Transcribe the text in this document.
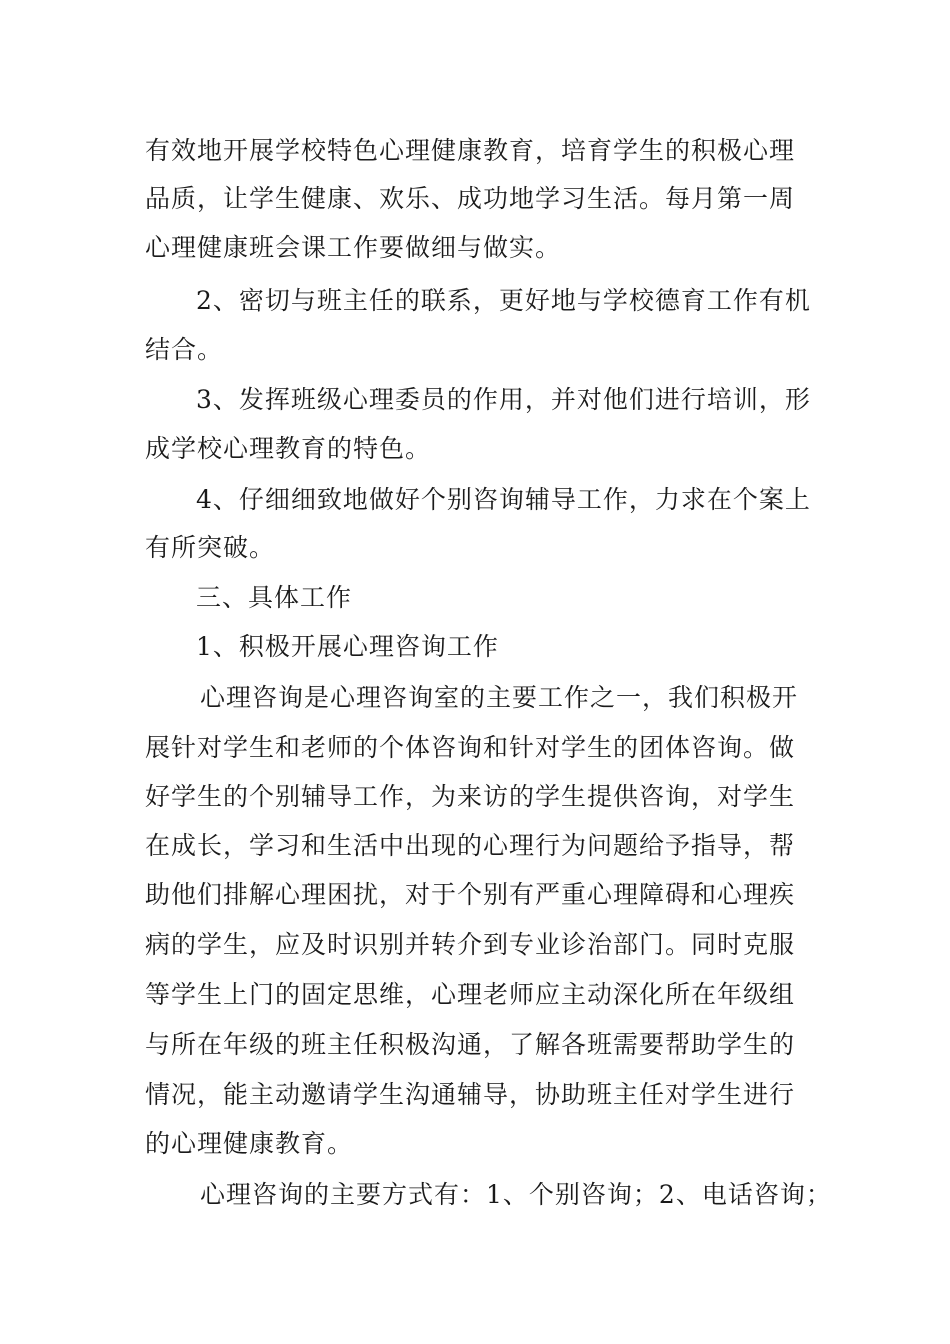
有效地开展学校特色心理健康教育，培育学生的积极心理
品质，让学生健康、欢乐、成功地学习生活。每月第一周
心理健康班会课工作要做细与做实。
2、密切与班主任的联系，更好地与学校德育工作有机
结合。
3、发挥班级心理委员的作用，并对他们进行培训，形
成学校心理教育的特色。
4、仔细细致地做好个别咨询辅导工作，力求在个案上
有所突破。
三、具体工作
1、积极开展心理咨询工作
心理咨询是心理咨询室的主要工作之一，我们积极开
展针对学生和老师的个体咨询和针对学生的团体咨询。做
好学生的个别辅导工作，为来访的学生提供咨询，对学生
在成长，学习和生活中出现的心理行为问题给予指导，帮
助他们排解心理困扰，对于个别有严重心理障碍和心理疾
病的学生，应及时识别并转介到专业诊治部门。同时克服
等学生上门的固定思维，心理老师应主动深化所在年级组
与所在年级的班主任积极沟通，了解各班需要帮助学生的
情况，能主动邀请学生沟通辅导，协助班主任对学生进行
的心理健康教育。
心理咨询的主要方式有：1、个别咨询；2、电话咨询；
